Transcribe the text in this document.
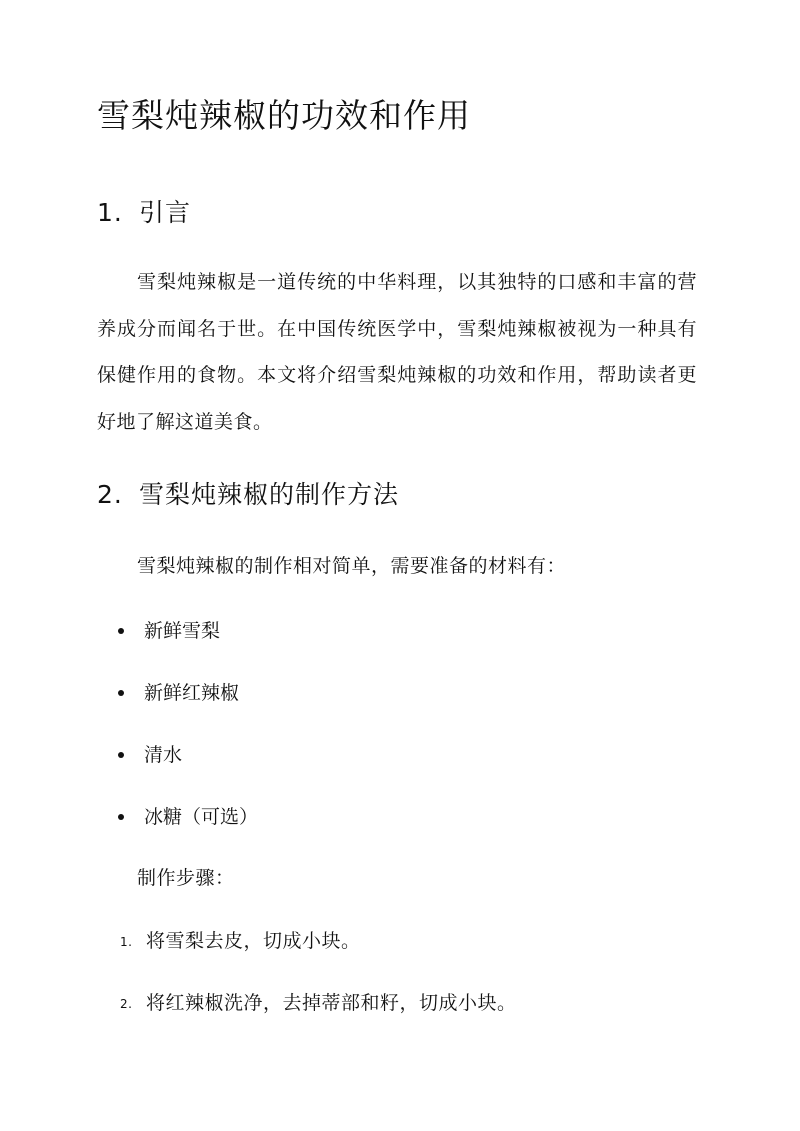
雪梨炖辣椒的功效和作用
1. 引言

雪梨炖辣椒是一道传统的中华料理，以其独特的口感和丰富的营养成分而闻名于世。在中国传统医学中，雪梨炖辣椒被视为一种具有保健作用的食物。本文将介绍雪梨炖辣椒的功效和作用，帮助读者更好地了解这道美食。

2. 雪梨炖辣椒的制作方法

雪梨炖辣椒的制作相对简单，需要准备的材料有：

新鲜雪梨
新鲜红辣椒
清水
冰糖（可选）

制作步骤：

1. 将雪梨去皮，切成小块。
2. 将红辣椒洗净，去掉蒂部和籽，切成小块。
